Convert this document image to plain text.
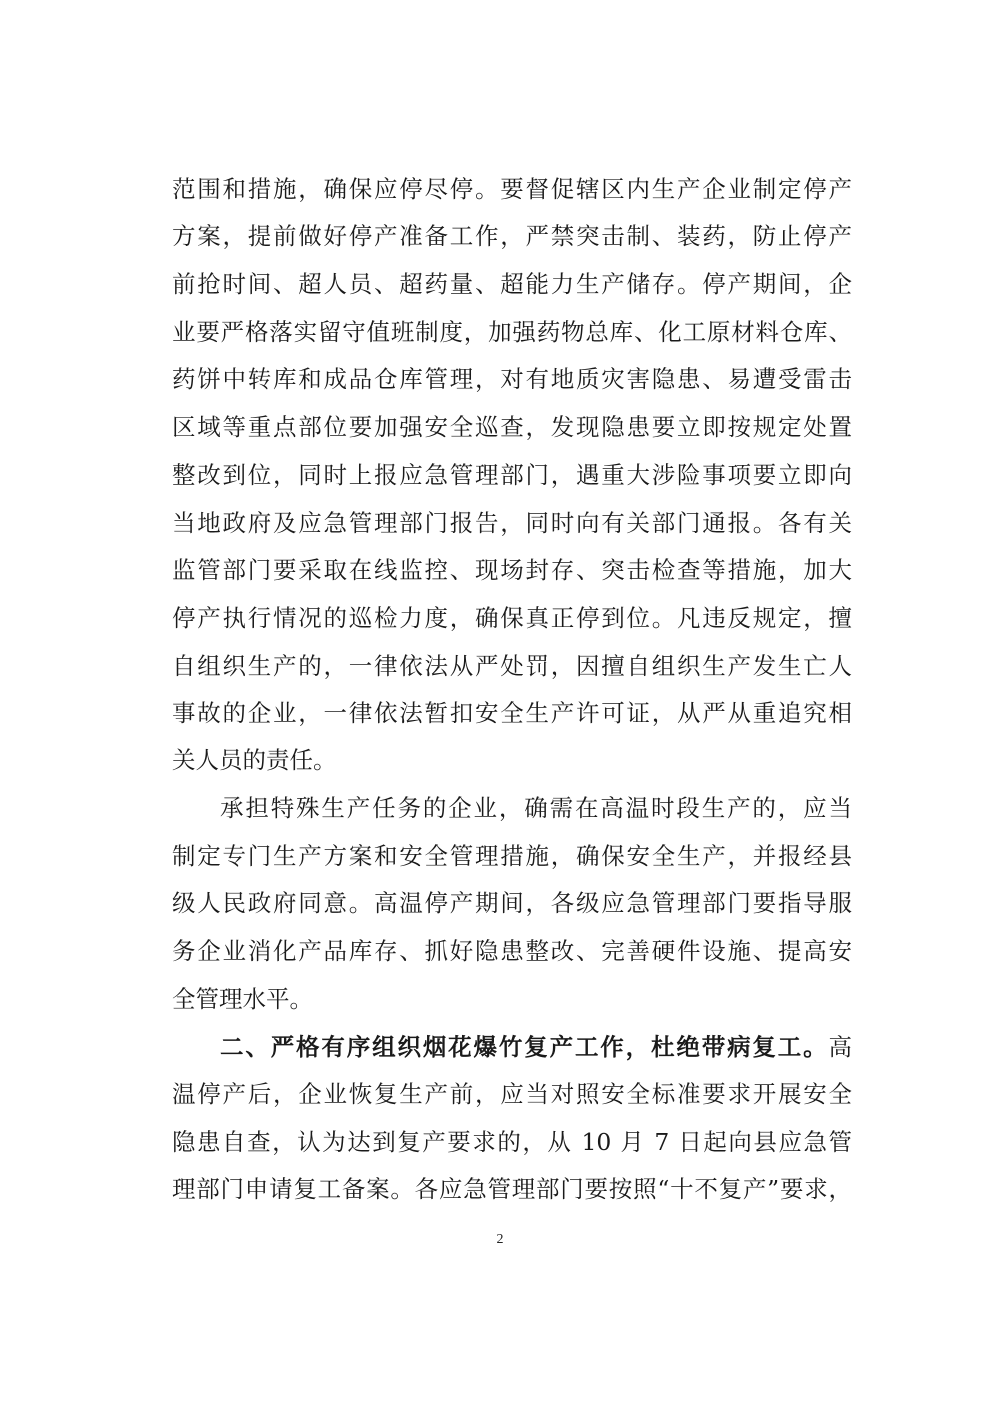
范围和措施，确保应停尽停。要督促辖区内生产企业制定停产
方案，提前做好停产准备工作，严禁突击制、装药，防止停产
前抢时间、超人员、超药量、超能力生产储存。停产期间，企
业要严格落实留守值班制度，加强药物总库、化工原材料仓库、
药饼中转库和成品仓库管理，对有地质灾害隐患、易遭受雷击
区域等重点部位要加强安全巡查，发现隐患要立即按规定处置
整改到位，同时上报应急管理部门，遇重大涉险事项要立即向
当地政府及应急管理部门报告，同时向有关部门通报。各有关
监管部门要采取在线监控、现场封存、突击检查等措施，加大
停产执行情况的巡检力度，确保真正停到位。凡违反规定，擅
自组织生产的，一律依法从严处罚，因擅自组织生产发生亡人
事故的企业，一律依法暂扣安全生产许可证，从严从重追究相
关人员的责任。
承担特殊生产任务的企业，确需在高温时段生产的，应当
制定专门生产方案和安全管理措施，确保安全生产，并报经县
级人民政府同意。高温停产期间，各级应急管理部门要指导服
务企业消化产品库存、抓好隐患整改、完善硬件设施、提高安
全管理水平。
二、严格有序组织烟花爆竹复产工作，杜绝带病复工。高
温停产后，企业恢复生产前，应当对照安全标准要求开展安全
隐患自查，认为达到复产要求的，从 10 月 7 日起向县应急管
理部门申请复工备案。各应急管理部门要按照“十不复产”要求，
2
